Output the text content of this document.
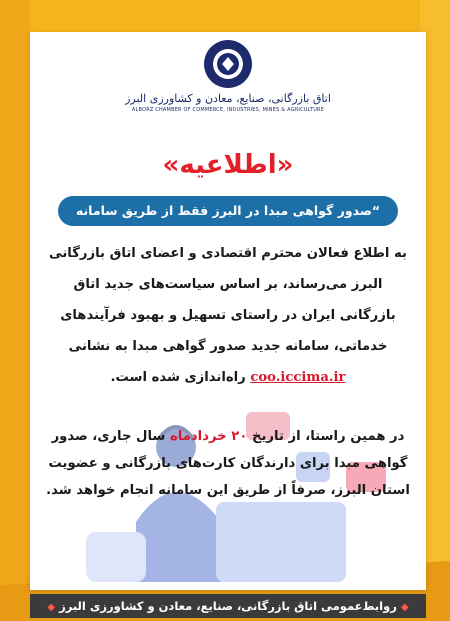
اتاق بازرگانی، صنایع، معادن و کشاورزی البرز
ALBORZ CHAMBER OF COMMERCE, INDUSTRIES, MINES & AGRICULTURE
«اطلاعیه»
“صدور گواهی مبدا در البرز فقط از طریق سامانه جدید”

به اطلاع فعالان محترم اقتصادی و اعضای اتاق بازرگانی البرز می‌رساند، بر اساس سیاست‌های جدید اتاق بازرگانی ایران در راستای تسهیل و بهبود فرآیندهای خدماتی، سامانه جدید صدور گواهی مبدا به نشانی coo.iccima.ir راه‌اندازی شده است.

در همین راستا، از تاریخ ۲۰ خردادماه سال جاری، صدور گواهی مبدا برای دارندگان کارت‌های بازرگانی و عضویت استان البرز، صرفاً از طریق این سامانه انجام خواهد شد.

◆روابط‌عمومی اتاق بازرگانی، صنایع، معادن و کشاورزی البرز◆
